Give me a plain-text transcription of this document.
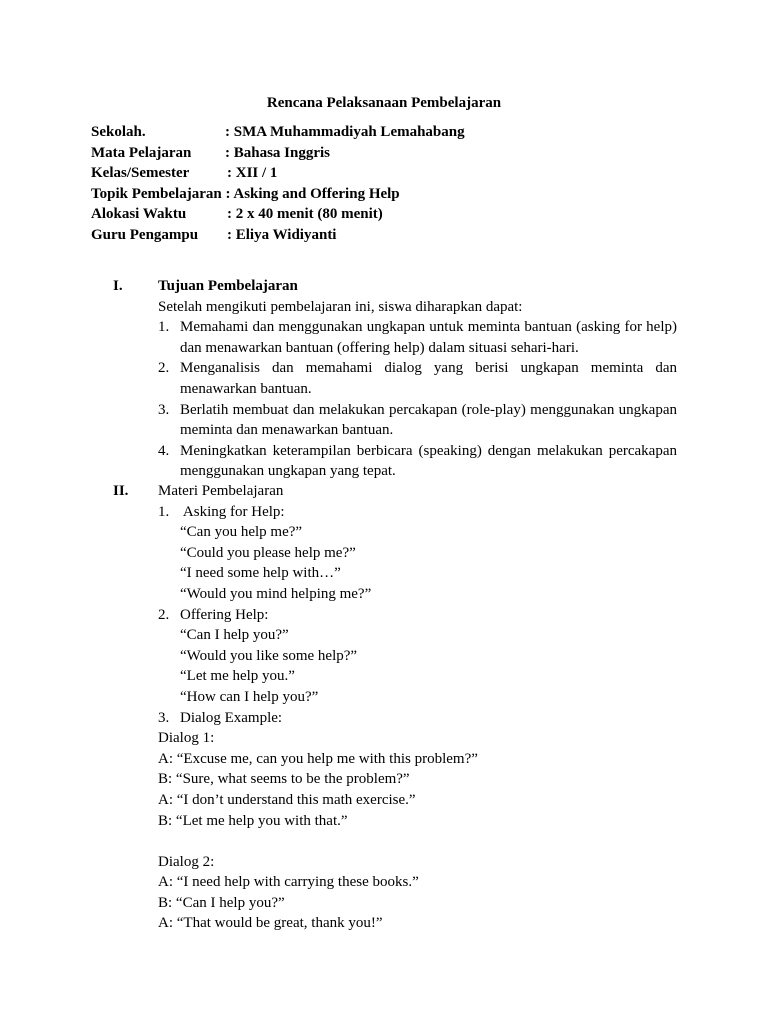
Rencana Pelaksanaan Pembelajaran
Sekolah.	: SMA Muhammadiyah Lemahabang
Mata Pelajaran : Bahasa Inggris
Kelas/Semester	: XII / 1
Topik Pembelajaran : Asking and Offering Help
Alokasi Waktu	: 2 x 40 menit (80 menit)
Guru Pengampu : Eliya Widiyanti
I. Tujuan Pembelajaran
Setelah mengikuti pembelajaran ini, siswa diharapkan dapat:
1. Memahami dan menggunakan ungkapan untuk meminta bantuan (asking for help) dan menawarkan bantuan (offering help) dalam situasi sehari-hari.
2. Menganalisis dan memahami dialog yang berisi ungkapan meminta dan menawarkan bantuan.
3. Berlatih membuat dan melakukan percakapan (role-play) menggunakan ungkapan meminta dan menawarkan bantuan.
4. Meningkatkan keterampilan berbicara (speaking) dengan melakukan percakapan menggunakan ungkapan yang tepat.
II. Materi Pembelajaran
1. Asking for Help:
“Can you help me?”
“Could you please help me?”
“I need some help with…”
“Would you mind helping me?”
2. Offering Help:
“Can I help you?”
“Would you like some help?”
“Let me help you.”
“How can I help you?”
3. Dialog Example:
Dialog 1:
A: “Excuse me, can you help me with this problem?”
B: “Sure, what seems to be the problem?”
A: “I don’t understand this math exercise.”
B: “Let me help you with that.”
Dialog 2:
A: “I need help with carrying these books.”
B: “Can I help you?”
A: “That would be great, thank you!”
